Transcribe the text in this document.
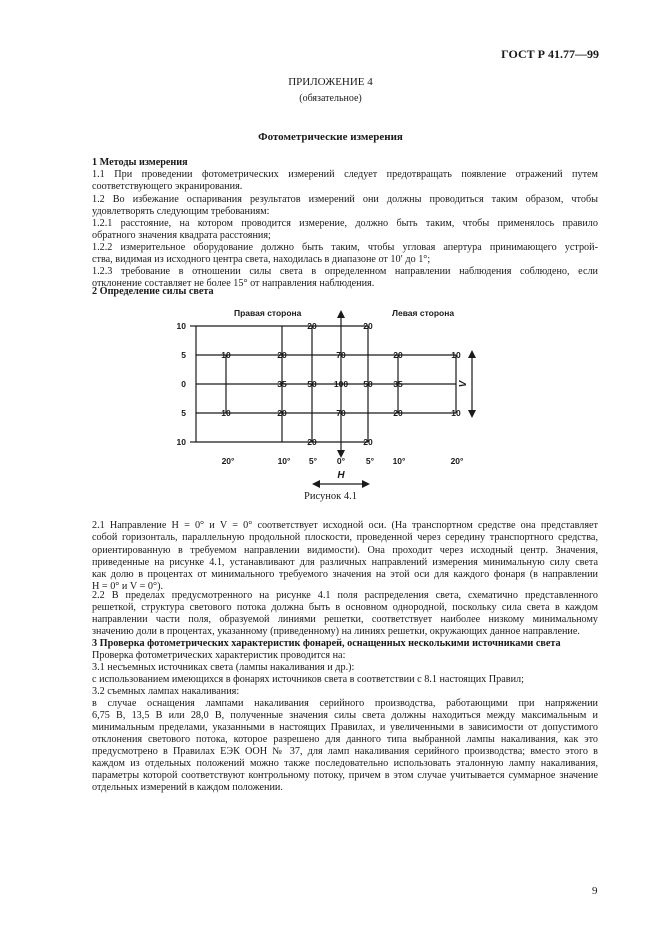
ГОСТ Р 41.77—99
ПРИЛОЖЕНИЕ 4
(обязательное)
Фотометрические измерения
1 Методы измерения
1.1 При проведении фотометрических измерений следует предотвращать появление отражений путем
соответствующего экранирования.
1.2 Во избежание оспаривания результатов измерений они должны проводиться таким образом, чтобы
удовлетворять следующим требованиям:
1.2.1 расстояние, на котором проводится измерение, должно быть таким, чтобы применялось правило
обратного значения квадрата расстояния;
1.2.2 измерительное оборудование должно быть таким, чтобы угловая апертура принимающего устрой-
ства, видимая из исходного центра света, находилась в диапазоне от 10′ до 1°;
1.2.3 требование в отношении силы света в определенном направлении наблюдения соблюдено, если
отклонение составляет не более 15° от направления наблюдения.
2 Определение силы света
Правая сторона	Левая сторона
10
5
0
5
10
20	20
10	20	70	20	10
35 50 100 50 35
10	20	70	20	10
20	20
20°	10° 5° 0° 5° 10°	20°
H
V
Рисунок 4.1
2.1 Направление H = 0° и V = 0° соответствует исходной оси. (На транспортном средстве она представляет
собой горизонталь, параллельную продольной плоскости, проведенной через середину транспортного средства,
ориентированную в требуемом направлении видимости). Она проходит через исходный центр. Значения,
приведенные на рисунке 4.1, устанавливают для различных направлений измерения минимальную силу света
как долю в процентах от минимального требуемого значения на этой оси для каждого фонаря (в направлении
H = 0° и V = 0°).
2.2 В пределах предусмотренного на рисунке 4.1 поля распределения света, схематично представленного
решеткой, структура светового потока должна быть в основном однородной, поскольку сила света в каждом
направлении части поля, образуемой линиями решетки, соответствует наиболее низкому минимальному
значению доли в процентах, указанному (приведенному) на линиях решетки, окружающих данное направление.
3 Проверка фотометрических характеристик фонарей, оснащенных несколькими источниками света
Проверка фотометрических характеристик проводится на:
3.1 несъемных источниках света (лампы накаливания и др.):
с использованием имеющихся в фонарях источников света в соответствии с 8.1 настоящих Правил;
3.2 съемных лампах накаливания:
в случае оснащения лампами накаливания серийного производства, работающими при напряжении
6,75 В, 13,5 В или 28,0 В, полученные значения силы света должны находиться между максимальным и
минимальным пределами, указанными в настоящих Правилах, и увеличенными в зависимости от допустимого
отклонения светового потока, которое разрешено для данного типа выбранной лампы накаливания, как это
предусмотрено в Правилах ЕЭК ООН № 37, для ламп накаливания серийного производства; вместо этого в
каждом из отдельных положений можно также последовательно использовать эталонную лампу накаливания,
параметры которой соответствуют контрольному потоку, причем в этом случае учитывается суммарное значение
отдельных измерений в каждом положении.
9
